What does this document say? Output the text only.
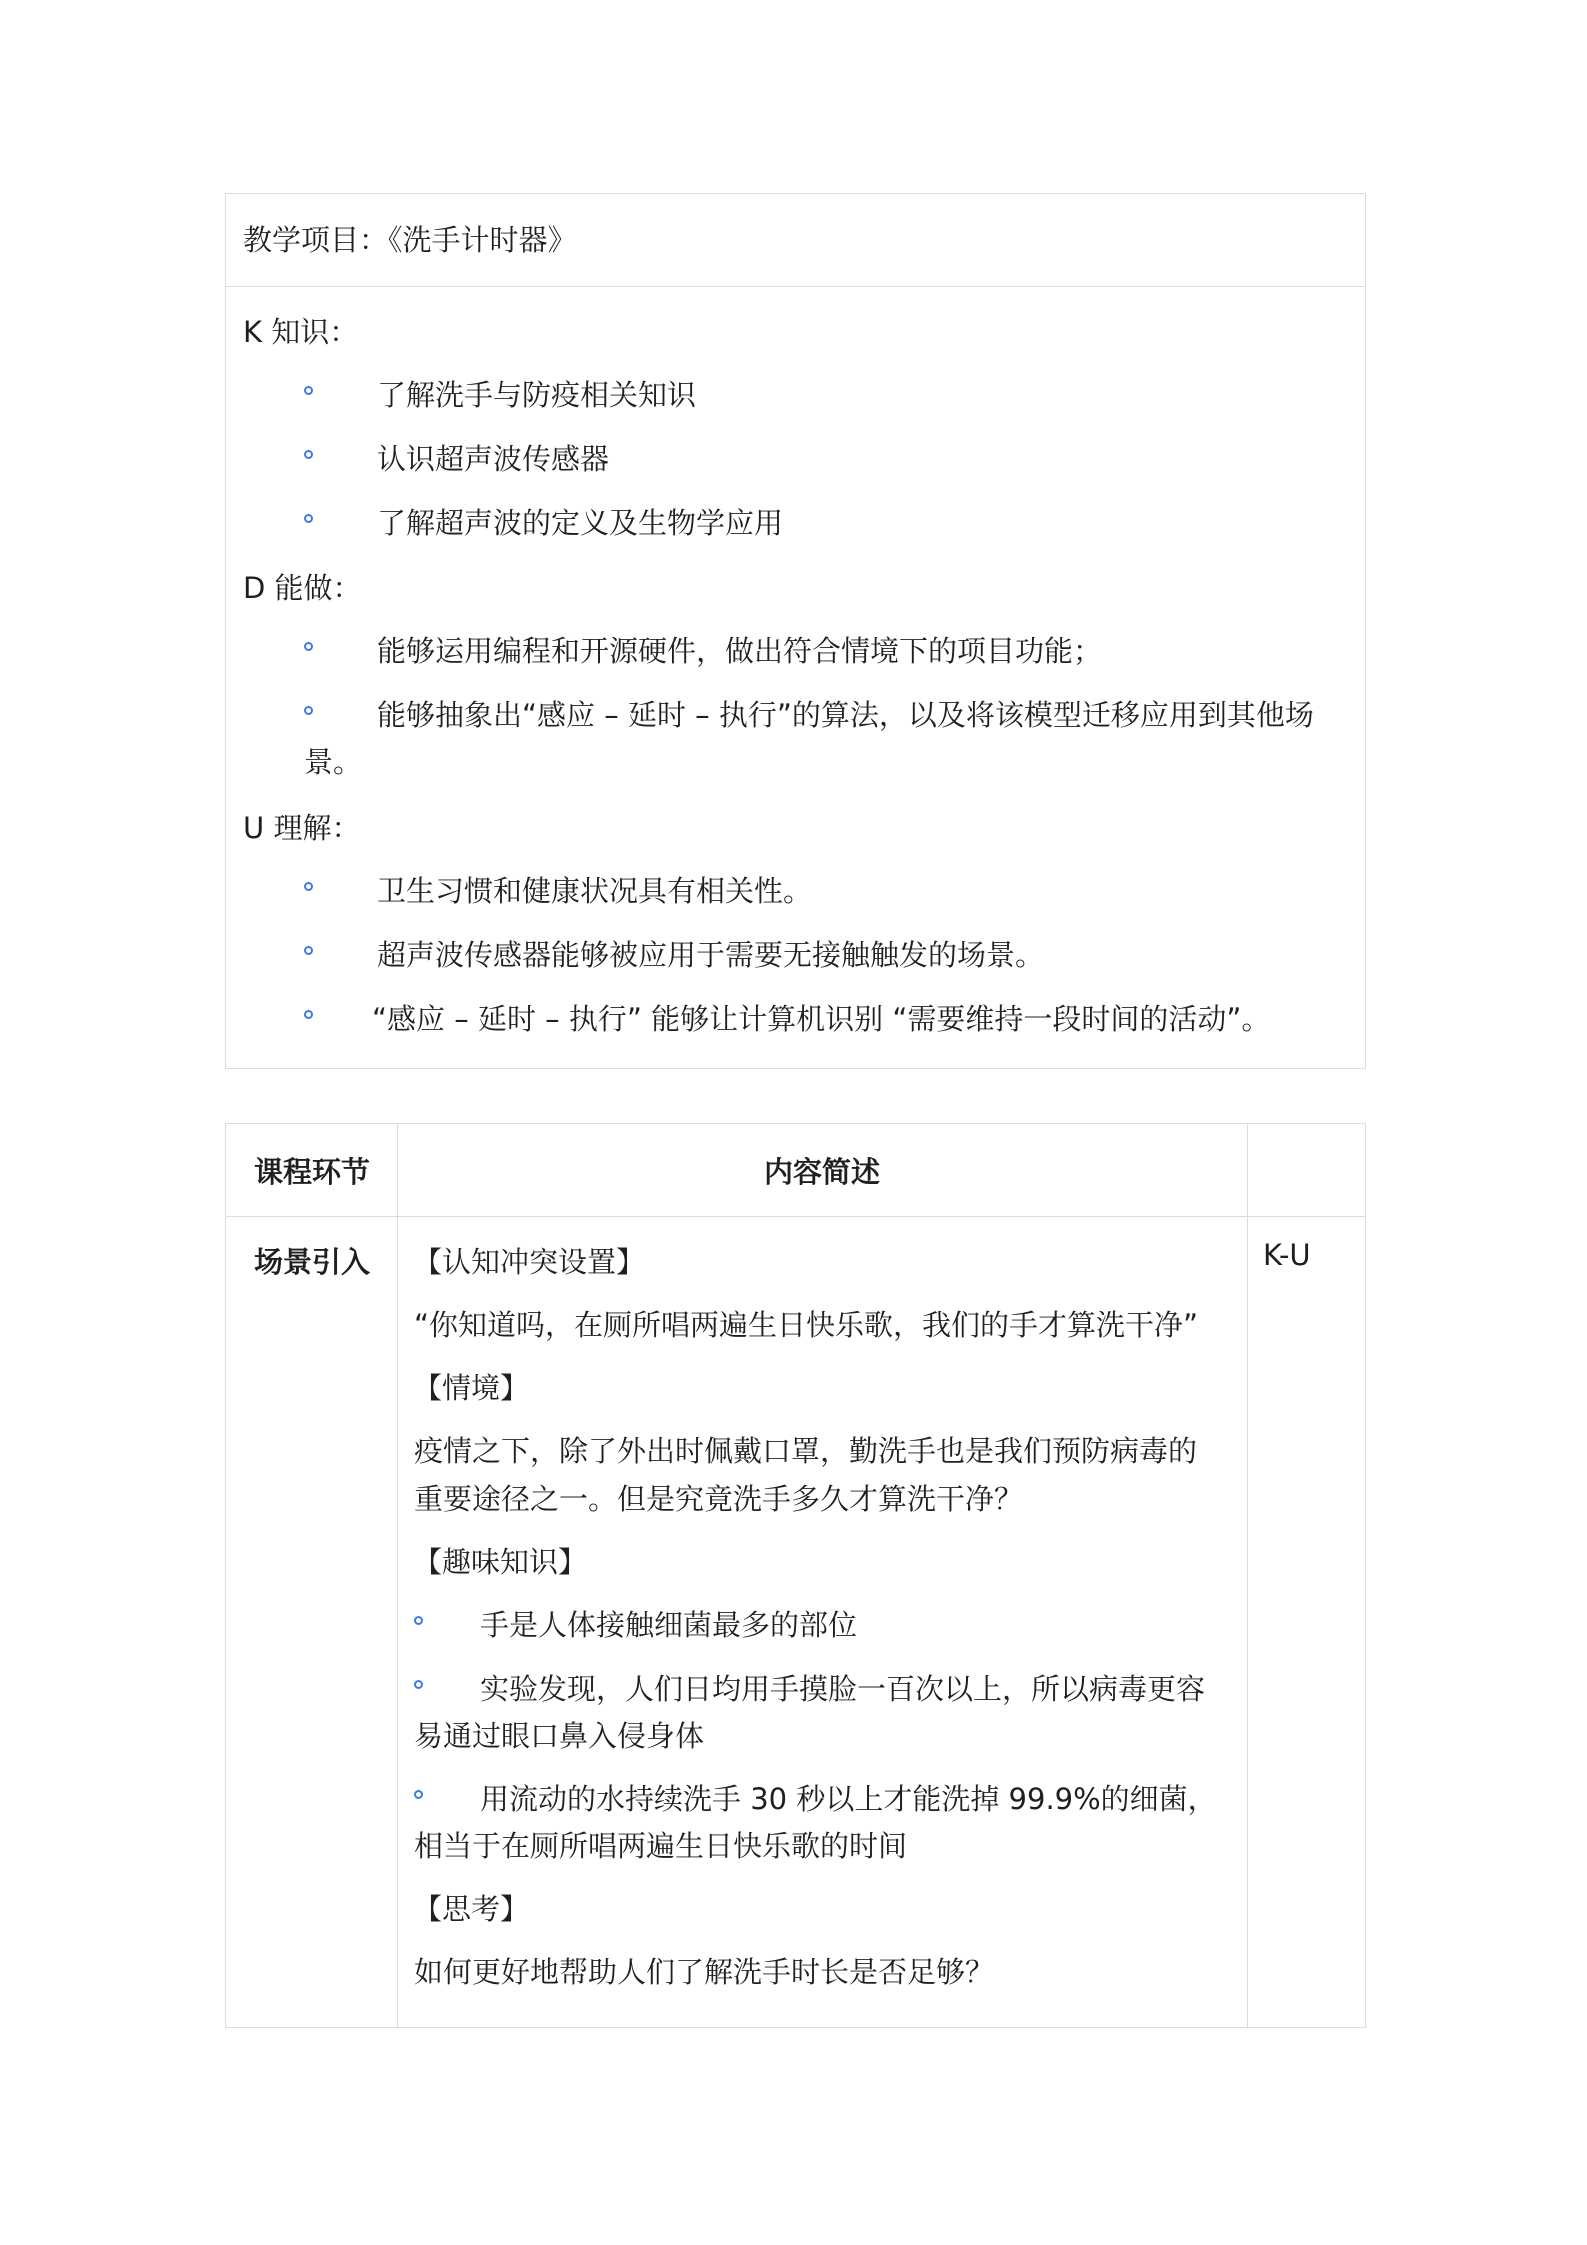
教学项目：《洗手计时器》
K 知识：
了解洗手与防疫相关知识
认识超声波传感器
了解超声波的定义及生物学应用
D 能做：
能够运用编程和开源硬件，做出符合情境下的项目功能；
能够抽象出“感应 – 延时 – 执行”的算法，以及将该模型迁移应用到其他场
景。
U 理解：
卫生习惯和健康状况具有相关性。
超声波传感器能够被应用于需要无接触触发的场景。
“感应 – 延时 – 执行” 能够让计算机识别 “需要维持一段时间的活动”。
课程环节	内容简述
场景引入	K-U
【认知冲突设置】
“你知道吗，在厕所唱两遍生日快乐歌，我们的手才算洗干净”
【情境】
疫情之下，除了外出时佩戴口罩，勤洗手也是我们预防病毒的
重要途径之一。但是究竟洗手多久才算洗干净？
【趣味知识】
手是人体接触细菌最多的部位
实验发现，人们日均用手摸脸一百次以上，所以病毒更容
易通过眼口鼻入侵身体
用流动的水持续洗手 30 秒以上才能洗掉 99.9%的细菌，
相当于在厕所唱两遍生日快乐歌的时间
【思考】
如何更好地帮助人们了解洗手时长是否足够？
